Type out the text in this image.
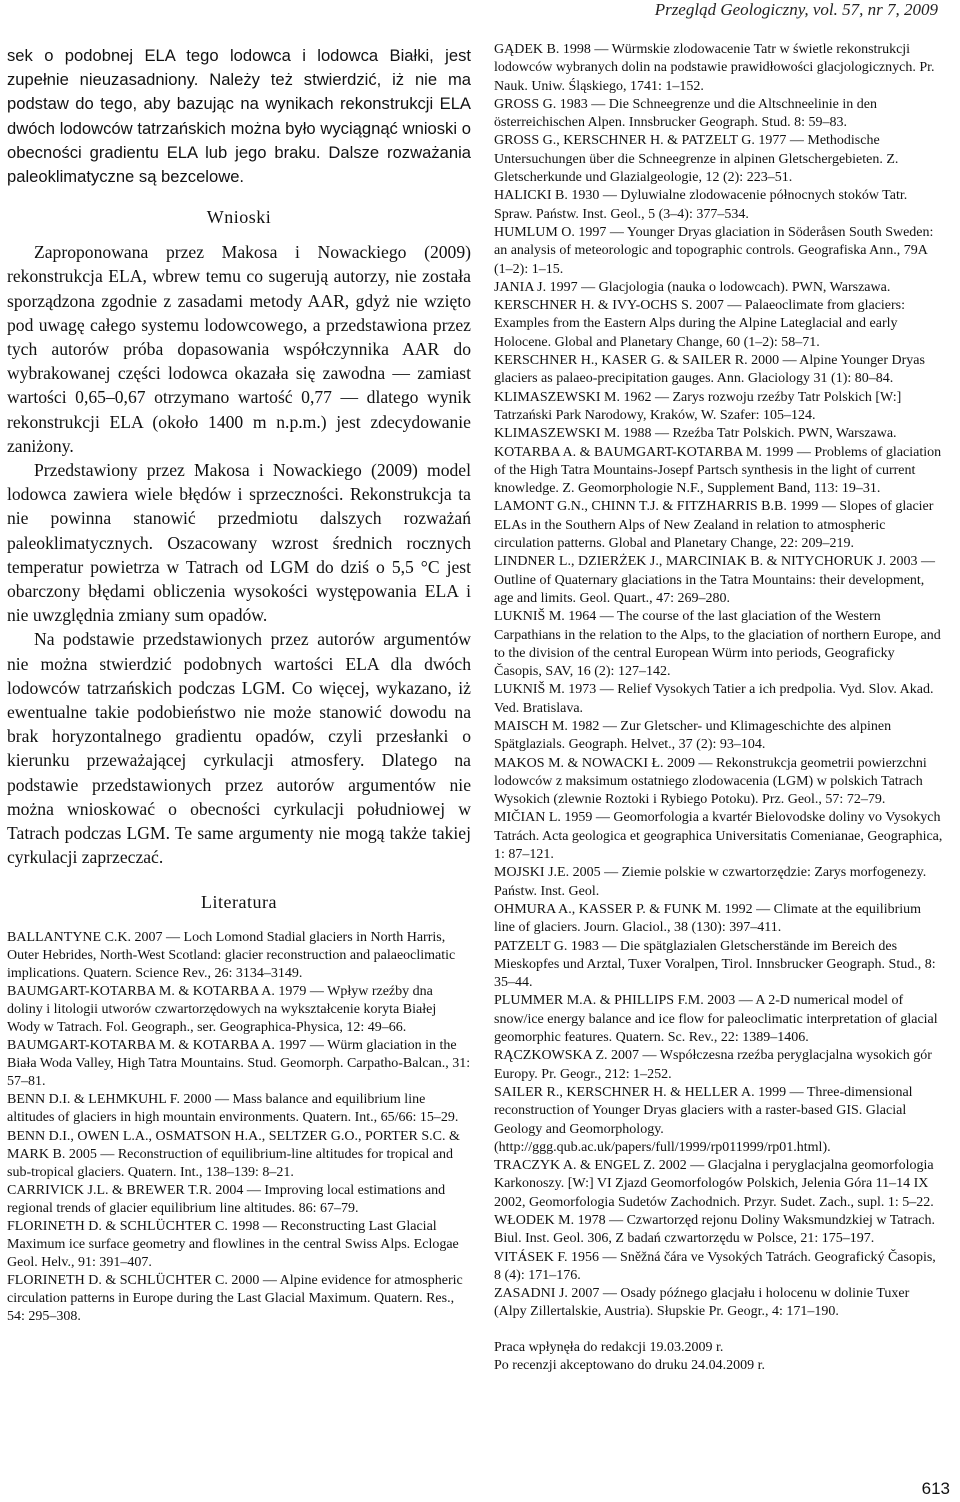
Przegląd Geologiczny, vol. 57, nr 7, 2009

sek o podobnej ELA tego lodowca i lodowca Białki, jest zupełnie nieuzasadniony. Należy też stwierdzić, iż nie ma podstaw do tego, aby bazując na wynikach rekonstrukcji ELA dwóch lodowców tatrzańskich można było wyciągnąć wnioski o obecności gradientu ELA lub jego braku. Dalsze rozważania paleoklimatyczne są bezcelowe.

Wnioski

Zaproponowana przez Makosa i Nowackiego (2009) rekonstrukcja ELA, wbrew temu co sugerują autorzy, nie została sporządzona zgodnie z zasadami metody AAR, gdyż nie wzięto pod uwagę całego systemu lodowcowego, a przedstawiona przez tych autorów próba dopasowania współczynnika AAR do wybrakowanej części lodowca okazała się zawodna — zamiast wartości 0,65–0,67 otrzymano wartość 0,77 — dlatego wynik rekonstrukcji ELA (około 1400 m n.p.m.) jest zdecydowanie zaniżony.

Przedstawiony przez Makosa i Nowackiego (2009) model lodowca zawiera wiele błędów i sprzeczności. Rekonstrukcja ta nie powinna stanowić przedmiotu dalszych rozważań paleoklimatycznych. Oszacowany wzrost średnich rocznych temperatur powietrza w Tatrach od LGM do dziś o 5,5 °C jest obarczony błędami obliczenia wysokości występowania ELA i nie uwzględnia zmiany sum opadów.

Na podstawie przedstawionych przez autorów argumentów nie można stwierdzić podobnych wartości ELA dla dwóch lodowców tatrzańskich podczas LGM. Co więcej, wykazano, iż ewentualne takie podobieństwo nie może stanowić dowodu na brak horyzontalnego gradientu opadów, czyli przesłanki o kierunku przeważającej cyrkulacji atmosfery. Dlatego na podstawie przedstawionych przez autorów argumentów nie można wnioskować o obecności cyrkulacji południowej w Tatrach podczas LGM. Te same argumenty nie mogą także takiej cyrkulacji zaprzeczać.

Literatura

BALLANTYNE C.K. 2007 — Loch Lomond Stadial glaciers in North Harris, Outer Hebrides, North-West Scotland: glacier reconstruction and palaeoclimatic implications. Quatern. Science Rev., 26: 3134–3149.

BAUMGART-KOTARBA M. & KOTARBA A. 1979 — Wpływ rzeźby dna doliny i litologii utworów czwartorzędowych na wykształcenie koryta Białej Wody w Tatrach. Fol. Geograph., ser. Geographica-Physica, 12: 49–66.

BAUMGART-KOTARBA M. & KOTARBA A. 1997 — Würm glaciation in the Biała Woda Valley, High Tatra Mountains. Stud. Geomorph. Carpatho-Balcan., 31: 57–81.

BENN D.I. & LEHMKUHL F. 2000 — Mass balance and equilibrium line altitudes of glaciers in high mountain environments. Quatern. Int., 65/66: 15–29.

BENN D.I., OWEN L.A., OSMATSON H.A., SELTZER G.O., PORTER S.C. & MARK B. 2005 — Reconstruction of equilibrium-line altitudes for tropical and sub-tropical glaciers. Quatern. Int., 138–139: 8–21.

CARRIVICK J.L. & BREWER T.R. 2004 — Improving local estimations and regional trends of glacier equilibrium line altitudes. 86: 67–79.

FLORINETH D. & SCHLÜCHTER C. 1998 — Reconstructing Last Glacial Maximum ice surface geometry and flowlines in the central Swiss Alps. Eclogae Geol. Helv., 91: 391–407.

FLORINETH D. & SCHLÜCHTER C. 2000 — Alpine evidence for atmospheric circulation patterns in Europe during the Last Glacial Maximum. Quatern. Res., 54: 295–308.

GĄDEK B. 1998 — Würmskie zlodowacenie Tatr w świetle rekonstrukcji lodowców wybranych dolin na podstawie prawidłowości glacjologicznych. Pr. Nauk. Uniw. Śląskiego, 1741: 1–152.

GROSS G. 1983 — Die Schneegrenze und die Altschneelinie in den österreichischen Alpen. Innsbrucker Geograph. Stud. 8: 59–83.

GROSS G., KERSCHNER H. & PATZELT G. 1977 — Methodische Untersuchungen über die Schneegrenze in alpinen Gletschergebieten. Z. Gletscherkunde und Glazialgeologie, 12 (2): 223–51.

HALICKI B. 1930 — Dyluwialne zlodowacenie północnych stoków Tatr. Spraw. Państw. Inst. Geol., 5 (3–4): 377–534.

HUMLUM O. 1997 — Younger Dryas glaciation in Söderåsen South Sweden: an analysis of meteorologic and topographic controls. Geografiska Ann., 79A (1–2): 1–15.

JANIA J. 1997 — Glacjologia (nauka o lodowcach). PWN, Warszawa.

KERSCHNER H. & IVY-OCHS S. 2007 — Palaeoclimate from glaciers: Examples from the Eastern Alps during the Alpine Lateglacial and early Holocene. Global and Planetary Change, 60 (1–2): 58–71.

KERSCHNER H., KASER G. & SAILER R. 2000 — Alpine Younger Dryas glaciers as palaeo-precipitation gauges. Ann. Glaciology 31 (1): 80–84.

KLIMASZEWSKI M. 1962 — Zarys rozwoju rzeźby Tatr Polskich [W:] Tatrzański Park Narodowy, Kraków, W. Szafer: 105–124.

KLIMASZEWSKI M. 1988 — Rzeźba Tatr Polskich. PWN, Warszawa.

KOTARBA A. & BAUMGART-KOTARBA M. 1999 — Problems of glaciation of the High Tatra Mountains-Josepf Partsch synthesis in the light of current knowledge. Z. Geomorphologie N.F., Supplement Band, 113: 19–31.

LAMONT G.N., CHINN T.J. & FITZHARRIS B.B. 1999 — Slopes of glacier ELAs in the Southern Alps of New Zealand in relation to atmospheric circulation patterns. Global and Planetary Change, 22: 209–219.

LINDNER L., DZIERŻEK J., MARCINIAK B. & NITYCHORUK J. 2003 — Outline of Quaternary glaciations in the Tatra Mountains: their development, age and limits. Geol. Quart., 47: 269–280.

LUKNIŠ M. 1964 — The course of the last glaciation of the Western Carpathians in the relation to the Alps, to the glaciation of northern Europe, and to the division of the central European Würm into periods, Geograficky Časopis, SAV, 16 (2): 127–142.

LUKNIŠ M. 1973 — Relief Vysokych Tatier a ich predpolia. Vyd. Slov. Akad. Ved. Bratislava.

MAISCH M. 1982 — Zur Gletscher- und Klimageschichte des alpinen Spätglazials. Geograph. Helvet., 37 (2): 93–104.

MAKOS M. & NOWACKI Ł. 2009 — Rekonstrukcja geometrii powierzchni lodowców z maksimum ostatniego zlodowacenia (LGM) w polskich Tatrach Wysokich (zlewnie Roztoki i Rybiego Potoku). Prz. Geol., 57: 72–79.

MIČIAN L. 1959 — Geomorfologia a kvartér Bielovodske doliny vo Vysokych Tatrách. Acta geologica et geographica Universitatis Comenianae, Geographica, 1: 87–121.

MOJSKI J.E. 2005 — Ziemie polskie w czwartorzędzie: Zarys morfogenezy. Państw. Inst. Geol.

OHMURA A., KASSER P. & FUNK M. 1992 — Climate at the equilibrium line of glaciers. Journ. Glaciol., 38 (130): 397–411.

PATZELT G. 1983 — Die spätglazialen Gletscherstände im Bereich des Mieskopfes und Arztal, Tuxer Voralpen, Tirol. Innsbrucker Geograph. Stud., 8: 35–44.

PLUMMER M.A. & PHILLIPS F.M. 2003 — A 2-D numerical model of snow/ice energy balance and ice flow for paleoclimatic interpretation of glacial geomorphic features. Quatern. Sc. Rev., 22: 1389–1406.

RĄCZKOWSKA Z. 2007 — Współczesna rzeźba peryglacjalna wysokich gór Europy. Pr. Geogr., 212: 1–252.

SAILER R., KERSCHNER H. & HELLER A. 1999 — Three-dimensional reconstruction of Younger Dryas glaciers with a raster-based GIS. Glacial Geology and Geomorphology. (http://ggg.qub.ac.uk/papers/full/1999/rp011999/rp01.html).

TRACZYK A. & ENGEL Z. 2002 — Glacjalna i peryglacjalna geomorfologia Karkonoszy. [W:] VI Zjazd Geomorfologów Polskich, Jelenia Góra 11–14 IX 2002, Geomorfologia Sudetów Zachodnich. Przyr. Sudet. Zach., supl. 1: 5–22.

WŁODEK M. 1978 — Czwartorzęd rejonu Doliny Waksmundzkiej w Tatrach. Biul. Inst. Geol. 306, Z badań czwartorzędu w Polsce, 21: 175–197.

VITÁSEK F. 1956 — Sněžná čára ve Vysokých Tatrách. Geografický Časopis, 8 (4): 171–176.

ZASADNI J. 2007 — Osady późnego glacjału i holocenu w dolinie Tuxer (Alpy Zillertalskie, Austria). Słupskie Pr. Geogr., 4: 171–190.

Praca wpłynęła do redakcji 19.03.2009 r.
Po recenzji akceptowano do druku 24.04.2009 r.
613
